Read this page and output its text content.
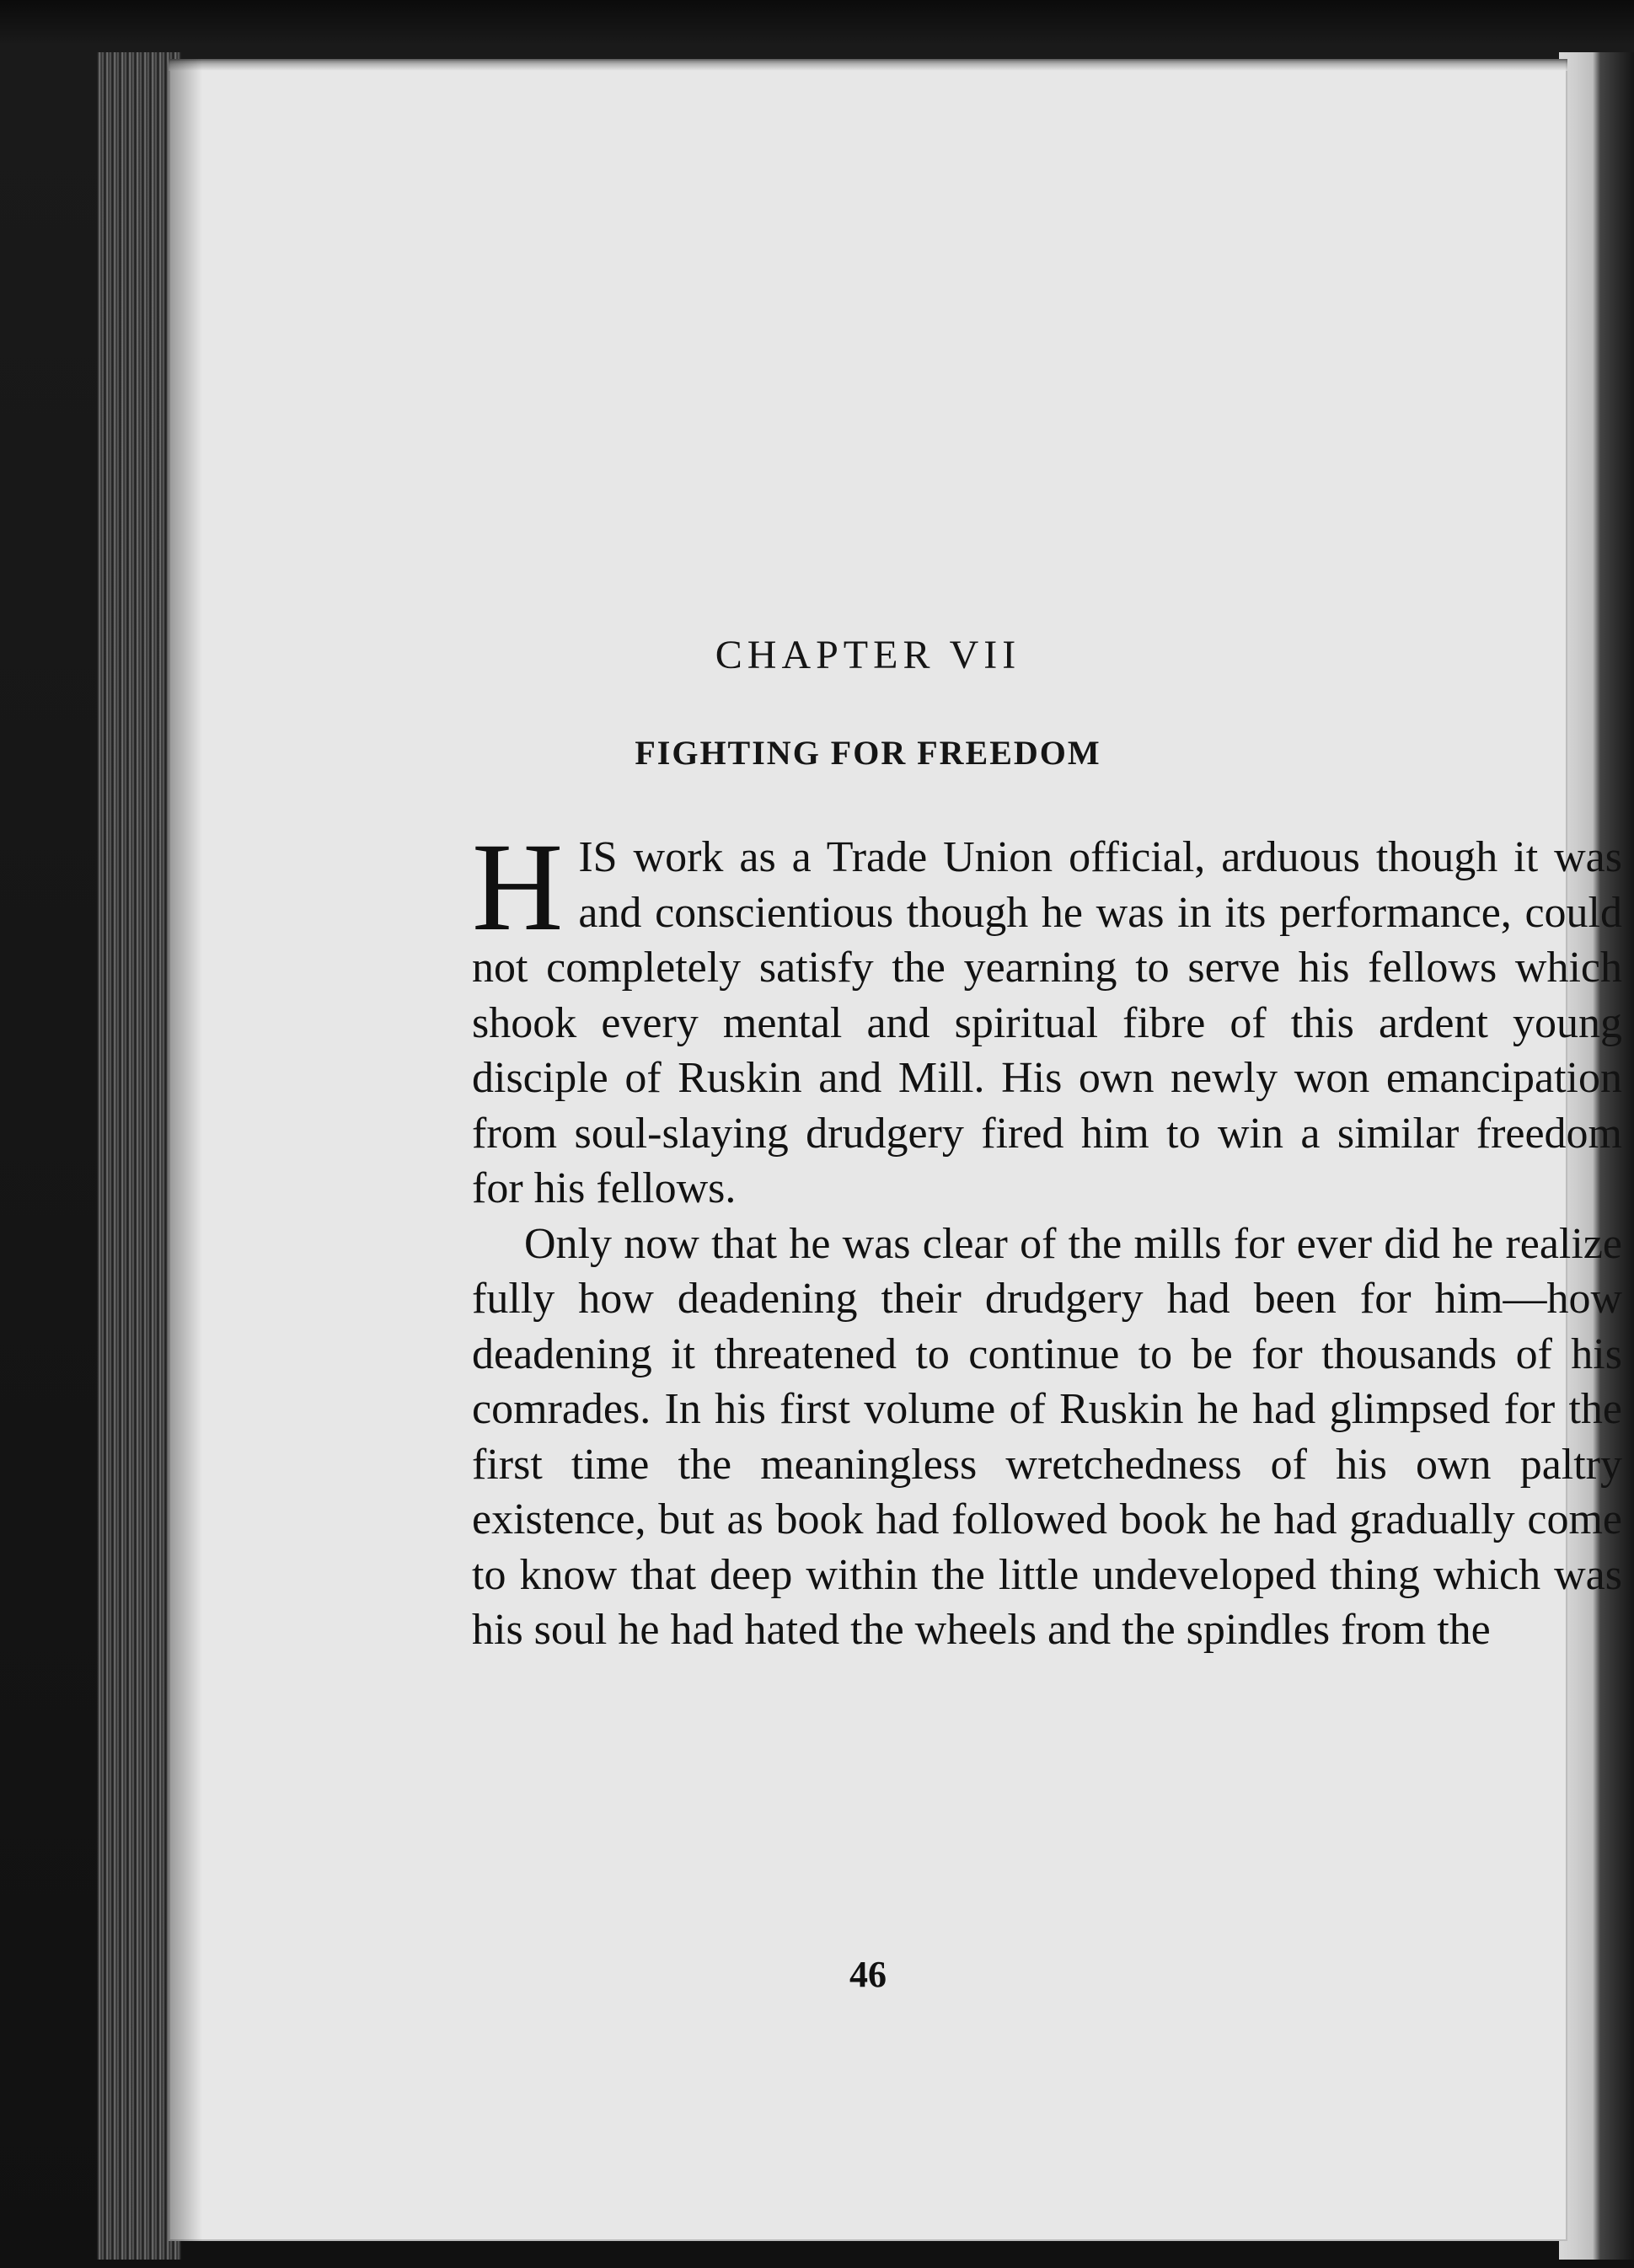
CHAPTER VII
FIGHTING FOR FREEDOM

H IS work as a Trade Union official, arduous though it was and conscientious though he was in its performance, could not completely satisfy the yearning to serve his fellows which shook every mental and spiritual fibre of this ardent young disciple of Ruskin and Mill. His own newly won emancipation from soul-slaying drudgery fired him to win a similar freedom for his fellows.

Only now that he was clear of the mills for ever did he realize fully how deadening their drudgery had been for him—how deadening it threatened to continue to be for thousands of his comrades. In his first volume of Ruskin he had glimpsed for the first time the meaningless wretchedness of his own paltry existence, but as book had followed book he had gradually come to know that deep within the little undeveloped thing which was his soul he had hated the wheels and the spindles from the

46
